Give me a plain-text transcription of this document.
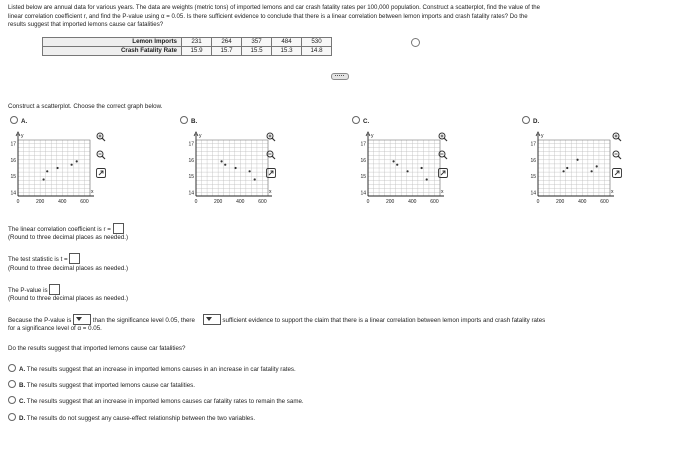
Listed below are annual data for various years. The data are weights (metric tons) of imported lemons and car crash fatality rates per 100,000 population. Construct a scatterplot, find the value of the
linear correlation coefficient r, and find the P-value using α = 0.05. Is there sufficient evidence to conclude that there is a linear correlation between lemon imports and crash fatality rates? Do the
results suggest that imported lemons cause car fatalities?
Lemon Imports	231	264	357	484	530
Crash Fatality Rate	15.9	15.7	15.5	15.3	14.8
Construct a scatterplot. Choose the correct graph below.
A.	B.	C.	D.
y
x
17
16
15
14
0	200	400	600
y
x
17
16
15
14
0	200	400	600
y
x
17
16
15
14
0	200	400	600
y
x
17
16
15
14
0	200	400	600
The linear correlation coefficient is r =
(Round to three decimal places as needed.)
The test statistic is t =
(Round to three decimal places as needed.)
The P-value is
(Round to three decimal places as needed.)
Because the P-value is	than the significance level 0.05, there	sufficient evidence to support the claim that there is a linear correlation between lemon imports and crash fatality rates
for a significance level of α = 0.05.
Do the results suggest that imported lemons cause car fatalities?
A. The results suggest that an increase in imported lemons causes in an increase in car fatality rates.
B. The results suggest that imported lemons cause car fatalities.
C. The results suggest that an increase in imported lemons causes car fatality rates to remain the same.
D. The results do not suggest any cause-effect relationship between the two variables.
